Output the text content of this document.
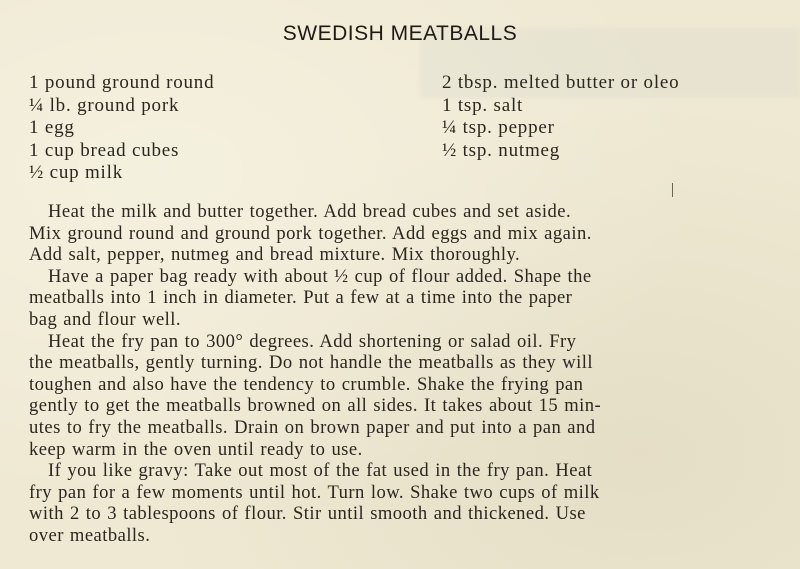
SWEDISH MEATBALLS
1 pound ground round
¼ lb. ground pork
1 egg
1 cup bread cubes
½ cup milk
2 tbsp. melted butter or oleo
1 tsp. salt
¼ tsp. pepper
½ tsp. nutmeg
 Heat the milk and butter together. Add bread cubes and set aside.
Mix ground round and ground pork together. Add eggs and mix again.
Add salt, pepper, nutmeg and bread mixture. Mix thoroughly.
 Have a paper bag ready with about ½ cup of flour added. Shape the
meatballs into 1 inch in diameter. Put a few at a time into the paper
bag and flour well.
 Heat the fry pan to 300° degrees. Add shortening or salad oil. Fry
the meatballs, gently turning. Do not handle the meatballs as they will
toughen and also have the tendency to crumble. Shake the frying pan
gently to get the meatballs browned on all sides. It takes about 15 min-
utes to fry the meatballs. Drain on brown paper and put into a pan and
keep warm in the oven until ready to use.
 If you like gravy: Take out most of the fat used in the fry pan. Heat
fry pan for a few moments until hot. Turn low. Shake two cups of milk
with 2 to 3 tablespoons of flour. Stir until smooth and thickened. Use
over meatballs.
